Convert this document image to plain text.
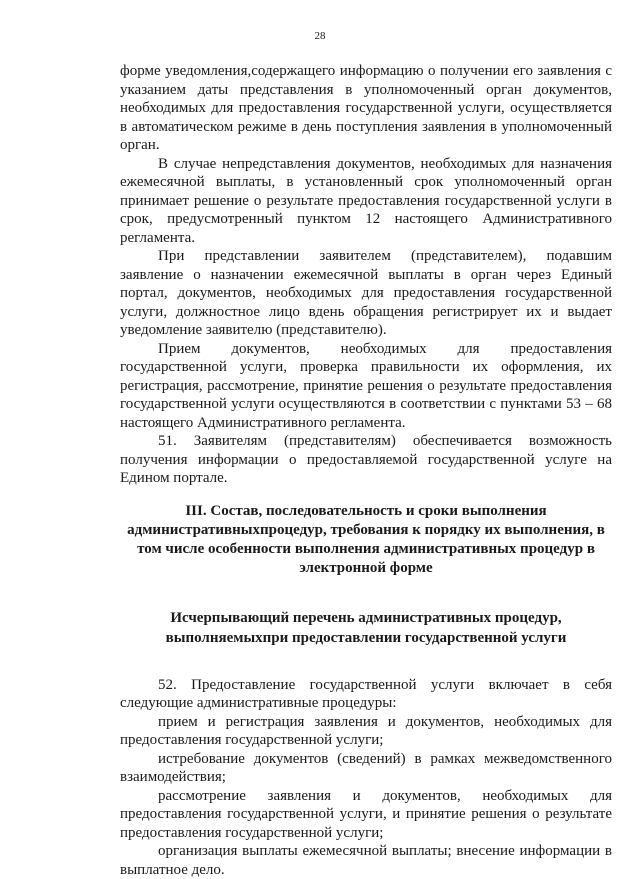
28

форме уведомления,содержащего информацию о получении его заявления с указанием даты представления в уполномоченный орган документов, необходимых для предоставления государственной услуги, осуществляется в автоматическом режиме в день поступления заявления в уполномоченный орган.

В случае непредставления документов, необходимых для назначения ежемесячной выплаты, в установленный срок уполномоченный орган принимает решение о результате предоставления государственной услуги в срок, предусмотренный пунктом 12 настоящего Административного регламента.

При представлении заявителем (представителем), подавшим заявление о назначении ежемесячной выплаты в орган через Единый портал, документов, необходимых для предоставления государственной услуги, должностное лицо вдень обращения регистрирует их и выдает уведомление заявителю (представителю).

Прием документов, необходимых для предоставления государственной услуги, проверка правильности их оформления, их регистрация, рассмотрение, принятие решения о результате предоставления государственной услуги осуществляются в соответствии с пунктами 53 – 68 настоящего Административного регламента.

51. Заявителям (представителям) обеспечивается возможность получения информации о предоставляемой государственной услуге на Едином портале.

III. Состав, последовательность и сроки выполнения административныхпроцедур, требования к порядку их выполнения, в том числе особенности выполнения административных процедур в электронной форме

Исчерпывающий перечень административных процедур, выполняемыхпри предоставлении государственной услуги

52. Предоставление государственной услуги включает в себя следующие административные процедуры:

прием и регистрация заявления и документов, необходимых для предоставления государственной услуги;

истребование документов (сведений) в рамках межведомственного взаимодействия;

рассмотрение заявления и документов, необходимых для предоставления государственной услуги, и принятие решения о результате предоставления государственной услуги;

организация выплаты ежемесячной выплаты; внесение информации в выплатное дело.
